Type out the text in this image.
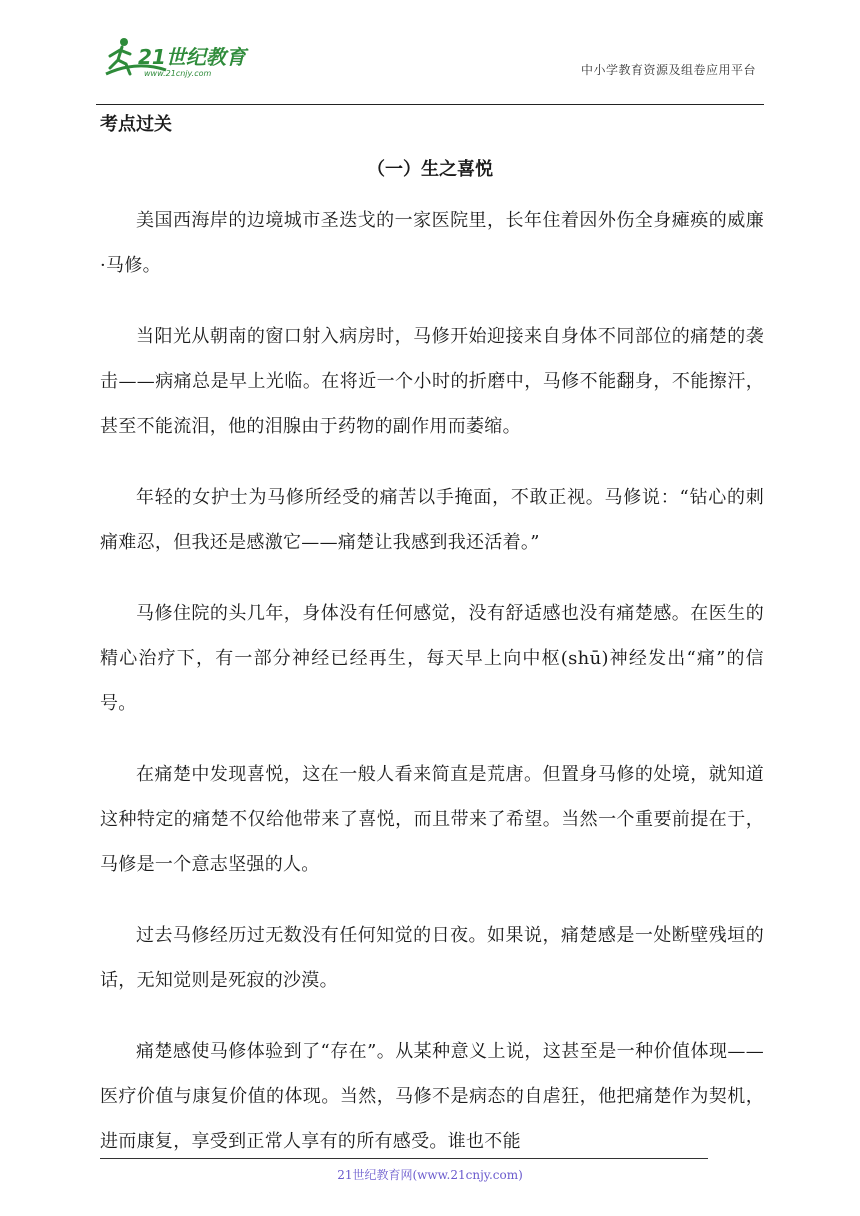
21世纪教育
www.21cnjy.com	中小学教育资源及组卷应用平台
考点过关
（一）生之喜悦

美国西海岸的边境城市圣迭戈的一家医院里，长年住着因外伤全身瘫痪的威廉·马修。

当阳光从朝南的窗口射入病房时，马修开始迎接来自身体不同部位的痛楚的袭击——病痛总是早上光临。在将近一个小时的折磨中，马修不能翻身，不能擦汗，甚至不能流泪，他的泪腺由于药物的副作用而萎缩。

年轻的女护士为马修所经受的痛苦以手掩面，不敢正视。马修说：“钻心的刺痛难忍，但我还是感激它——痛楚让我感到我还活着。”

马修住院的头几年，身体没有任何感觉，没有舒适感也没有痛楚感。在医生的精心治疗下，有一部分神经已经再生，每天早上向中枢(shū)神经发出“痛”的信号。

在痛楚中发现喜悦，这在一般人看来简直是荒唐。但置身马修的处境，就知道这种特定的痛楚不仅给他带来了喜悦，而且带来了希望。当然一个重要前提在于，马修是一个意志坚强的人。

过去马修经历过无数没有任何知觉的日夜。如果说，痛楚感是一处断壁残垣的话，无知觉则是死寂的沙漠。

痛楚感使马修体验到了“存在”。从某种意义上说，这甚至是一种价值体现——医疗价值与康复价值的体现。当然，马修不是病态的自虐狂，他把痛楚作为契机，进而康复，享受到正常人享有的所有感受。谁也不能

21世纪教育网(www.21cnjy.com)
